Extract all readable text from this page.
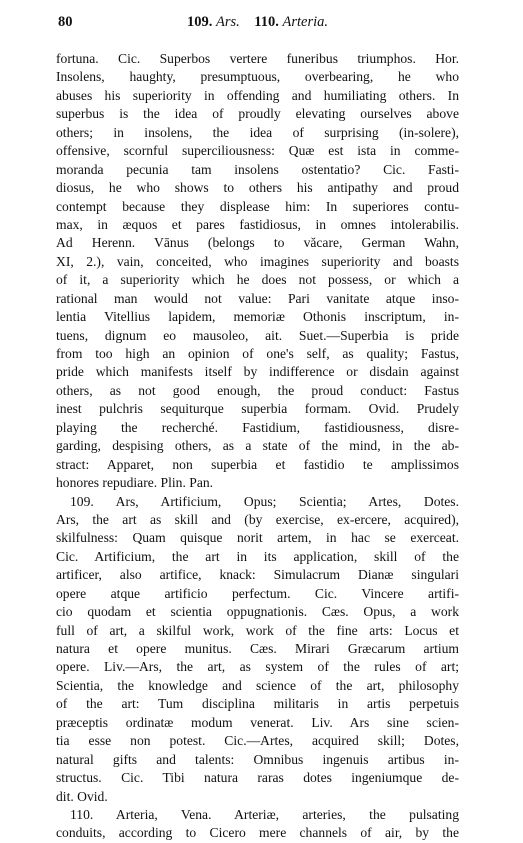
80	109. Ars. 110. Arteria.
fortuna. Cic. Superbos vertere funeribus triumphos. Hor.
Insolens, haughty, presumptuous, overbearing, he who
abuses his superiority in offending and humiliating others. In
superbus is the idea of proudly elevating ourselves above
others; in insolens, the idea of surprising (in-solere),
offensive, scornful superciliousness: Quæ est ista in comme-
moranda pecunia tam insolens ostentatio? Cic. Fasti-
diosus, he who shows to others his antipathy and proud
contempt because they displease him: In superiores contu-
max, in æquos et pares fastidiosus, in omnes intolerabilis.
Ad Herenn. Vānus (belongs to văcare, German Wahn,
XI, 2.), vain, conceited, who imagines superiority and boasts
of it, a superiority which he does not possess, or which a
rational man would not value: Pari vanitate atque inso-
lentia Vitellius lapidem, memoriæ Othonis inscriptum, in-
tuens, dignum eo mausoleo, ait. Suet.—Superbia is pride
from too high an opinion of one's self, as quality; Fastus,
pride which manifests itself by indifference or disdain against
others, as not good enough, the proud conduct: Fastus
inest pulchris sequiturque superbia formam. Ovid. Prudely
playing the recherché. Fastidium, fastidiousness, disre-
garding, despising others, as a state of the mind, in the ab-
stract: Apparet, non superbia et fastidio te amplissimos
honores repudiare. Plin. Pan.
109. Ars, Artificium, Opus; Scientia; Artes, Dotes.
Ars, the art as skill and (by exercise, ex-ercere, acquired),
skilfulness: Quam quisque norit artem, in hac se exerceat.
Cic. Artificium, the art in its application, skill of the
artificer, also artifice, knack: Simulacrum Dianæ singulari
opere atque artificio perfectum. Cic. Vincere artifi-
cio quodam et scientia oppugnationis. Cæs. Opus, a work
full of art, a skilful work, work of the fine arts: Locus et
natura et opere munitus. Cæs. Mirari Græcarum artium
opere. Liv.—Ars, the art, as system of the rules of art;
Scientia, the knowledge and science of the art, philosophy
of the art: Tum disciplina militaris in artis perpetuis
præceptis ordinatæ modum venerat. Liv. Ars sine scien-
tia esse non potest. Cic.—Artes, acquired skill; Dotes,
natural gifts and talents: Omnibus ingenuis artibus in-
structus. Cic. Tibi natura raras dotes ingeniumque de-
dit. Ovid.
110. Arteria, Vena. Arteriæ, arteries, the pulsating
conduits, according to Cicero mere channels of air, by the
